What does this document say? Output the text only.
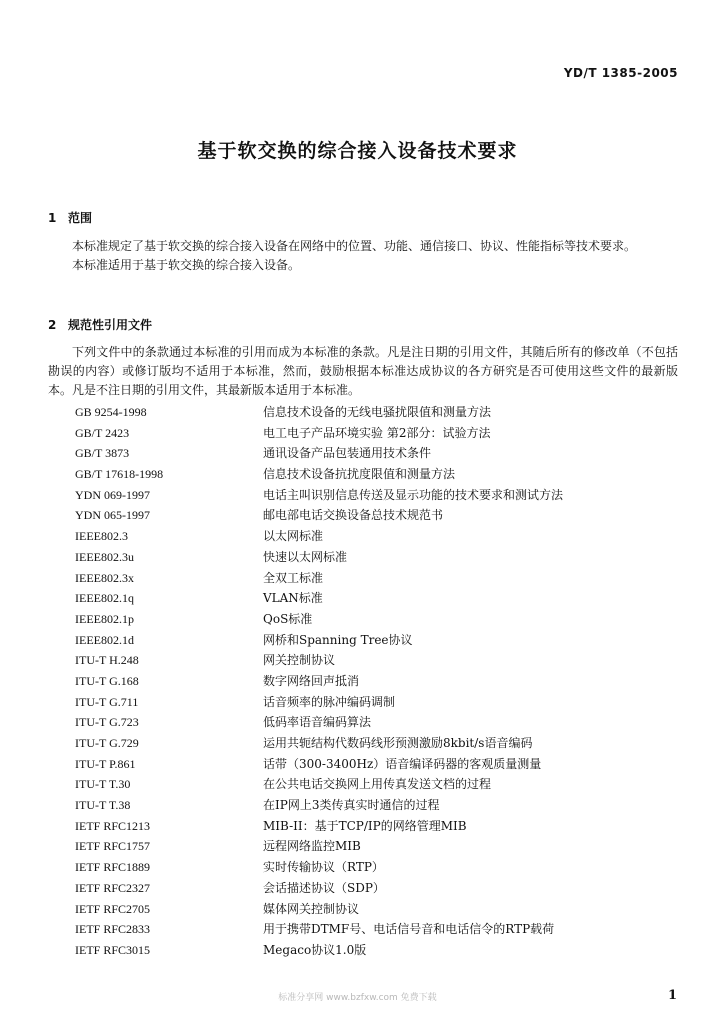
YD/T 1385-2005
基于软交换的综合接入设备技术要求
1 范围

本标准规定了基于软交换的综合接入设备在网络中的位置、功能、通信接口、协议、性能指标等技术要求。

本标准适用于基于软交换的综合接入设备。

2 规范性引用文件

下列文件中的条款通过本标准的引用而成为本标准的条款。凡是注日期的引用文件，其随后所有的修改单（不包括勘误的内容）或修订版均不适用于本标准，然而，鼓励根据本标准达成协议的各方研究是否可使用这些文件的最新版本。凡是不注日期的引用文件，其最新版本适用于本标准。

GB 9254-1998	信息技术设备的无线电骚扰限值和测量方法
GB/T 2423	电工电子产品环境实验 第2部分：试验方法
GB/T 3873	通讯设备产品包装通用技术条件
GB/T 17618-1998	信息技术设备抗扰度限值和测量方法
YDN 069-1997	电话主叫识别信息传送及显示功能的技术要求和测试方法
YDN 065-1997	邮电部电话交换设备总技术规范书
IEEE802.3	以太网标准
IEEE802.3u	快速以太网标准
IEEE802.3x	全双工标准
IEEE802.1q	VLAN标准
IEEE802.1p	QoS标准
IEEE802.1d	网桥和Spanning Tree协议
ITU-T H.248	网关控制协议
ITU-T G.168	数字网络回声抵消
ITU-T G.711	话音频率的脉冲编码调制
ITU-T G.723	低码率语音编码算法
ITU-T G.729	运用共轭结构代数码线形预测激励8kbit/s语音编码
ITU-T P.861	话带（300-3400Hz）语音编译码器的客观质量测量
ITU-T T.30	在公共电话交换网上用传真发送文档的过程
ITU-T T.38	在IP网上3类传真实时通信的过程
IETF RFC1213	MIB-II：基于TCP/IP的网络管理MIB
IETF RFC1757	远程网络监控MIB
IETF RFC1889	实时传输协议（RTP）
IETF RFC2327	会话描述协议（SDP）
IETF RFC2705	媒体网关控制协议
IETF RFC2833	用于携带DTMF号、电话信号音和电话信令的RTP载荷
IETF RFC3015	Megaco协议1.0版
标准分享网 www.bzfxw.com 免费下载	1
